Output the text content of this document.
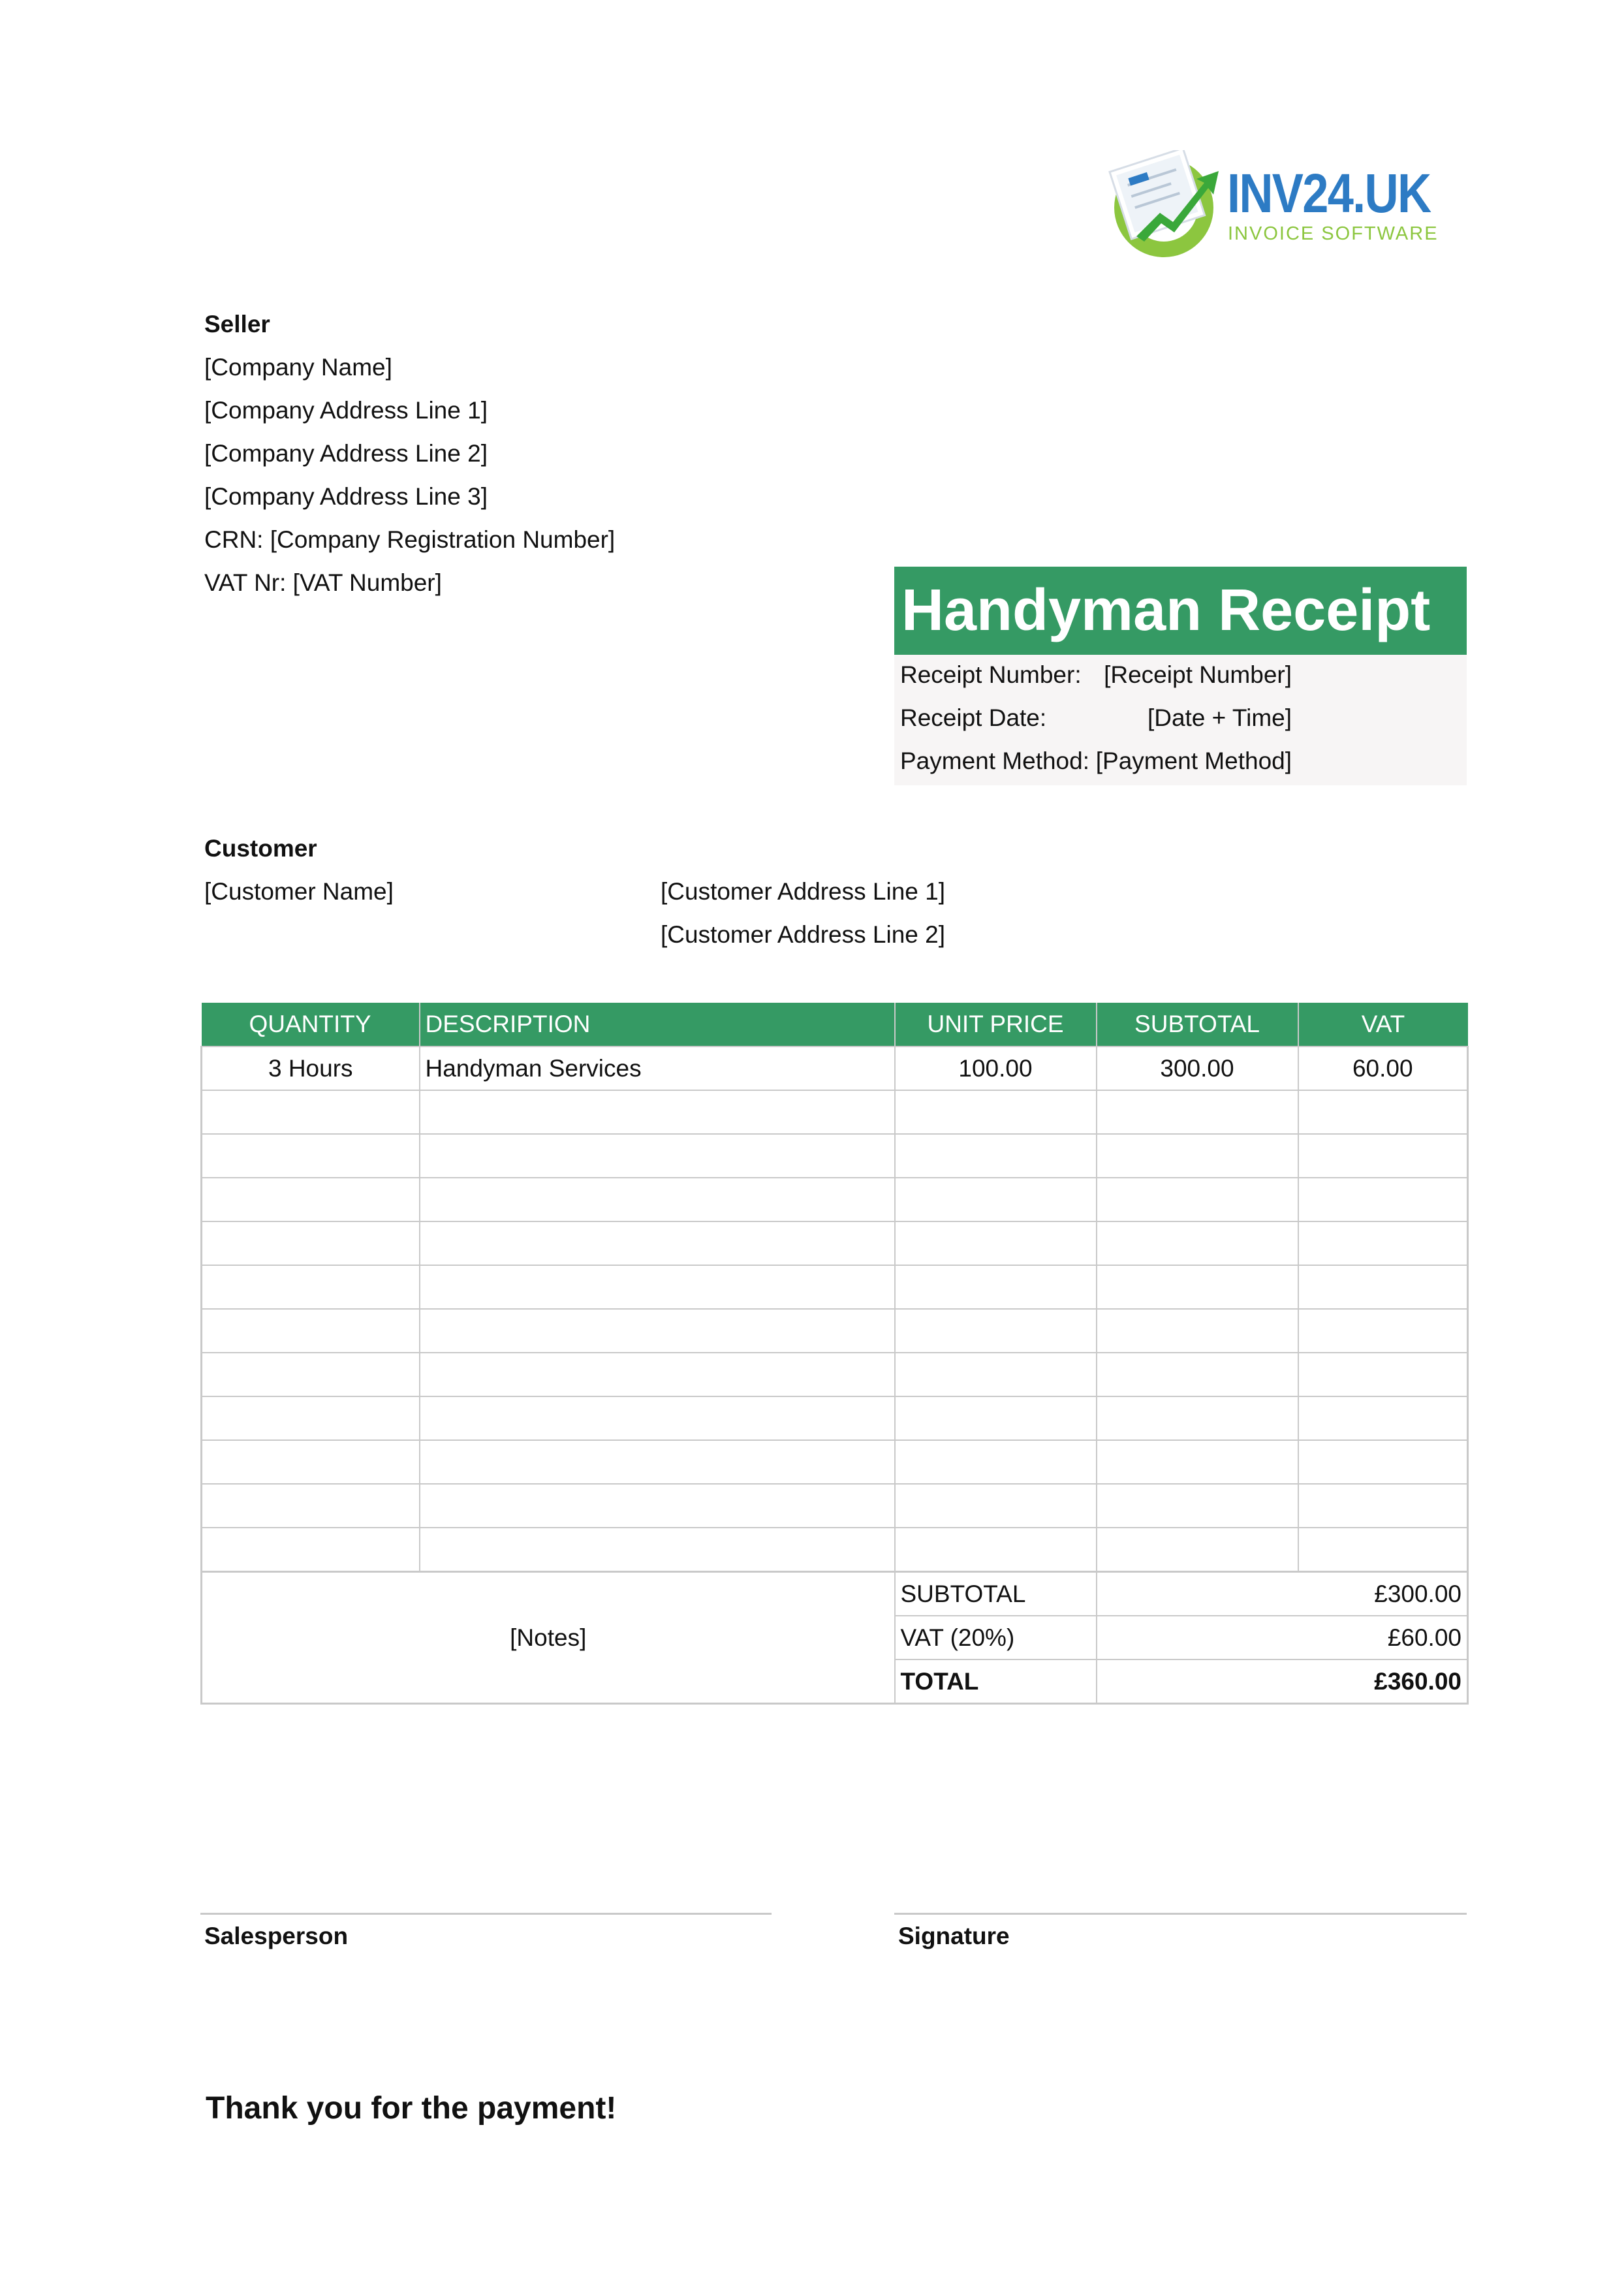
INV24.UK
INVOICE SOFTWARE
Seller
[Company Name]
[Company Address Line 1]
[Company Address Line 2]
[Company Address Line 3]
CRN: [Company Registration Number]
VAT Nr: [VAT Number]	Handyman Receipt
Receipt Number: [Receipt Number]
Receipt Date:	[Date + Time]
Payment Method: [Payment Method]
Customer
[Customer Name]	[Customer Address Line 1]
[Customer Address Line 2]
QUANTITY	DESCRIPTION	UNIT PRICE	SUBTOTAL	VAT
3 Hours	Handyman Services	100.00	300.00	60.00

[Notes]		SUBTOTAL	£300.00	
		VAT (20%)	£60.00	
		TOTAL	£360.00	
Salesperson	Signature
Thank you for the payment!
